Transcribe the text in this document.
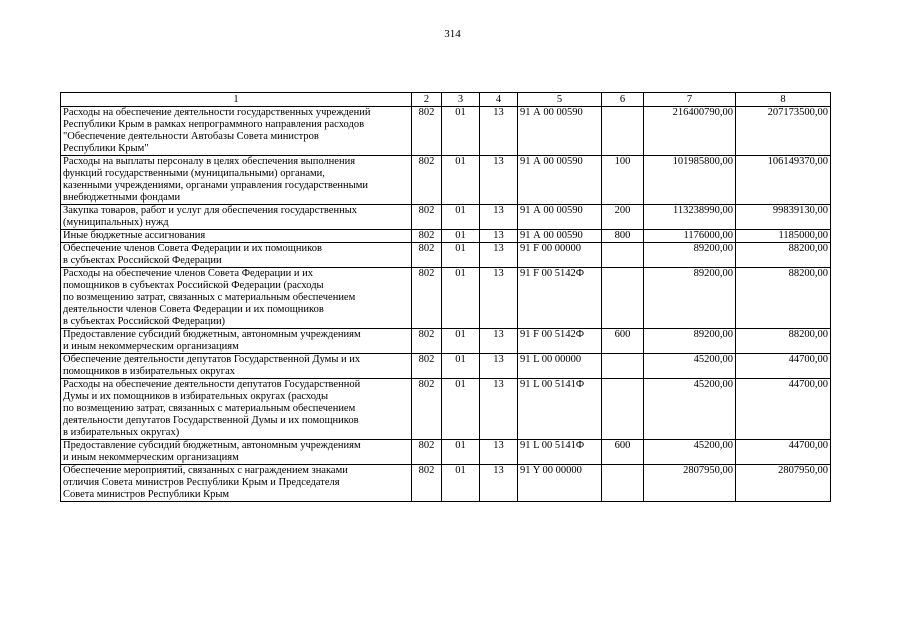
314
1	2	3	4	5	6	7	8
Расходы на обеспечение деятельности государственных учреждений
Республики Крым в рамках непрограммного направления расходов
"Обеспечение деятельности Автобазы Совета министров
Республики Крым"	802	01	13	91 А 00 00590		216400790,00	207173500,00
Расходы на выплаты персоналу в целях обеспечения выполнения
функций государственными (муниципальными) органами,
казенными учреждениями, органами управления государственными
внебюджетными фондами	802	01	13	91 А 00 00590	100	101985800,00	106149370,00
Закупка товаров, работ и услуг для обеспечения государственных
(муниципальных) нужд	802	01	13	91 А 00 00590	200	113238990,00	99839130,00
Иные бюджетные ассигнования	802	01	13	91 А 00 00590	800	1176000,00	1185000,00
Обеспечение членов Совета Федерации и их помощников
в субъектах Российской Федерации	802	01	13	91 F 00 00000		89200,00	88200,00
Расходы на обеспечение членов Совета Федерации и их
помощников в субъектах Российской Федерации (расходы
по возмещению затрат, связанных с материальным обеспечением
деятельности членов Совета Федерации и их помощников
в субъектах Российской Федерации)	802	01	13	91 F 00 5142Ф		89200,00	88200,00
Предоставление субсидий бюджетным, автономным учреждениям
и иным некоммерческим организациям	802	01	13	91 F 00 5142Ф	600	89200,00	88200,00
Обеспечение деятельности депутатов Государственной Думы и их
помощников в избирательных округах	802	01	13	91 L 00 00000		45200,00	44700,00
Расходы на обеспечение деятельности депутатов Государственной
Думы и их помощников в избирательных округах (расходы
по возмещению затрат, связанных с материальным обеспечением
деятельности депутатов Государственной Думы и их помощников
в избирательных округах)	802	01	13	91 L 00 5141Ф		45200,00	44700,00
Предоставление субсидий бюджетным, автономным учреждениям
и иным некоммерческим организациям	802	01	13	91 L 00 5141Ф	600	45200,00	44700,00
Обеспечение мероприятий, связанных с награждением знаками
отличия Совета министров Республики Крым и Председателя
Совета министров Республики Крым	802	01	13	91 Y 00 00000		2807950,00	2807950,00
